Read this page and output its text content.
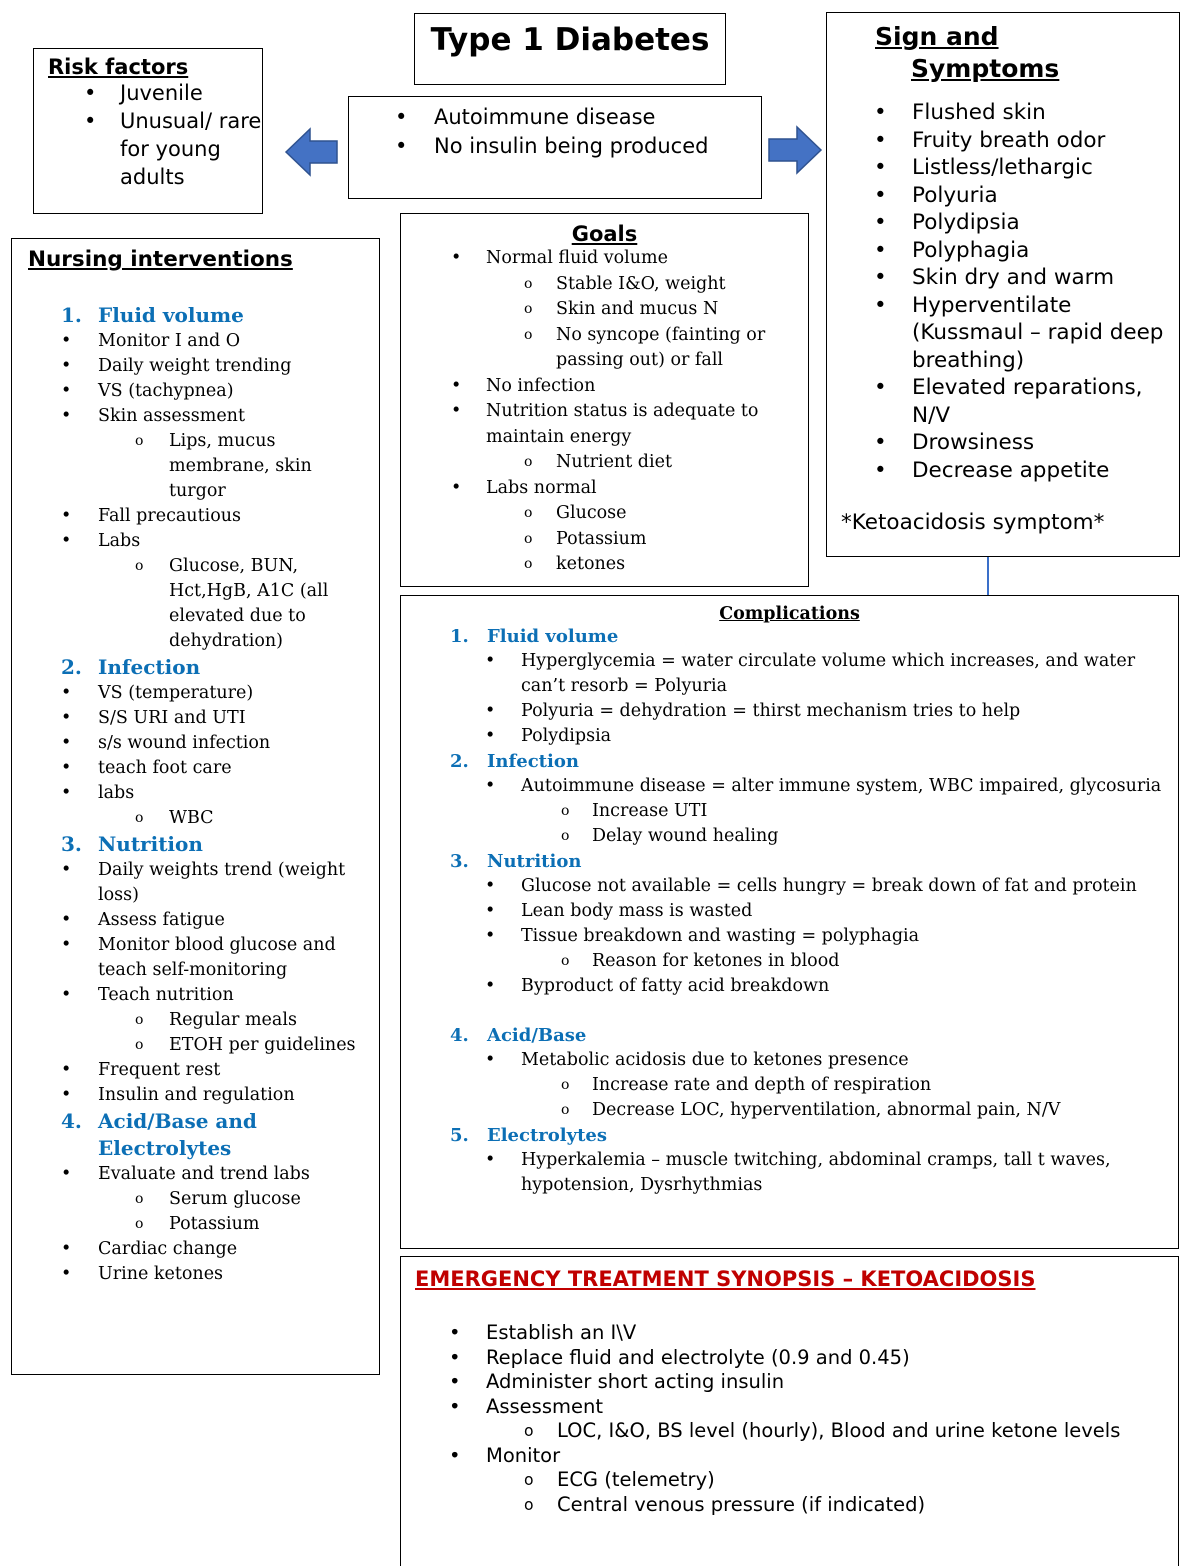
Type 1 Diabetes
• Autoimmune disease
• No insulin being produced
Risk factors
• Juvenile
• Unusual/ rare for young adults
Sign and
Symptoms
• Flushed skin
• Fruity breath odor
• Listless/lethargic
• Polyuria
• Polydipsia
• Polyphagia
• Skin dry and warm
• Hyperventilate (Kussmaul – rapid deep breathing)
• Elevated reparations, N/V
• Drowsiness
• Decrease appetite
*Ketoacidosis symptom*
Goals
• Normal fluid volume
o Stable I&O, weight
o Skin and mucus N
o No syncope (fainting or passing out) or fall
• No infection
• Nutrition status is adequate to maintain energy
o Nutrient diet
• Labs normal
o Glucose
o Potassium
o ketones
Nursing interventions
1. Fluid volume
• Monitor I and O
• Daily weight trending
• VS (tachypnea)
• Skin assessment
o Lips, mucus membrane, skin turgor
• Fall precautious
• Labs
o Glucose, BUN, Hct,HgB, A1C (all elevated due to dehydration)
2. Infection
• VS (temperature)
• S/S URI and UTI
• s/s wound infection
• teach foot care
• labs
o WBC
3. Nutrition
• Daily weights trend (weight loss)
• Assess fatigue
• Monitor blood glucose and teach self-monitoring
• Teach nutrition
o Regular meals
o ETOH per guidelines
• Frequent rest
• Insulin and regulation
4. Acid/Base and Electrolytes
• Evaluate and trend labs
o Serum glucose
o Potassium
• Cardiac change
• Urine ketones
Complications
1. Fluid volume
• Hyperglycemia = water circulate volume which increases, and water can’t resorb = Polyuria
• Polyuria = dehydration = thirst mechanism tries to help
• Polydipsia
2. Infection
• Autoimmune disease = alter immune system, WBC impaired, glycosuria
o Increase UTI
o Delay wound healing
3. Nutrition
• Glucose not available = cells hungry = break down of fat and protein
• Lean body mass is wasted
• Tissue breakdown and wasting = polyphagia
o Reason for ketones in blood
• Byproduct of fatty acid breakdown
4. Acid/Base
• Metabolic acidosis due to ketones presence
o Increase rate and depth of respiration
o Decrease LOC, hyperventilation, abnormal pain, N/V
5. Electrolytes
• Hyperkalemia – muscle twitching, abdominal cramps, tall t waves, hypotension, Dysrhythmias
EMERGENCY TREATMENT SYNOPSIS – KETOACIDOSIS
• Establish an I\V
• Replace fluid and electrolyte (0.9 and 0.45)
• Administer short acting insulin
• Assessment
o LOC, I&O, BS level (hourly), Blood and urine ketone levels
• Monitor
o ECG (telemetry)
o Central venous pressure (if indicated)
